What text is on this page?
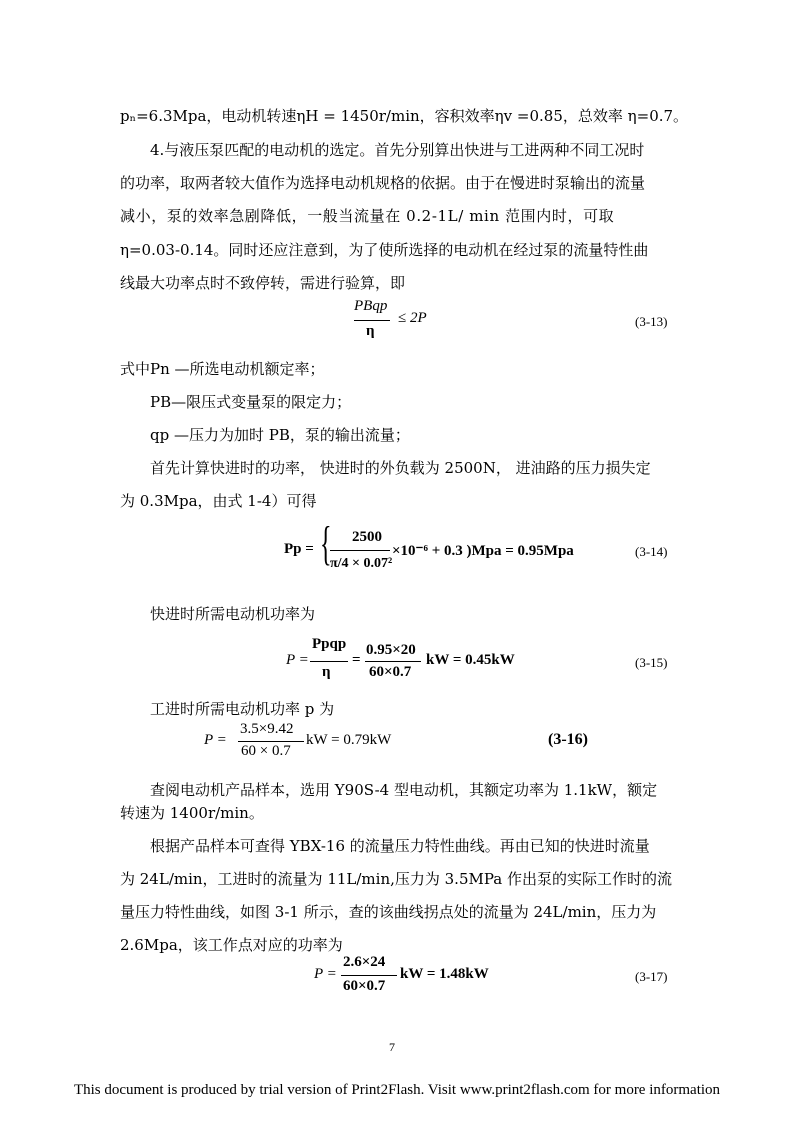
pₙ=6.3Mpa，电动机转速ηH = 1450r/min，容积效率ηv =0.85，总效率 η=0.7。
4.与液压泵匹配的电动机的选定。首先分别算出快进与工进两种不同工况时
的功率，取两者较大值作为选择电动机规格的依据。由于在慢进时泵输出的流量
减小，泵的效率急剧降低，一般当流量在 0.2-1L/ min 范围内时，可取
η=0.03-0.14。同时还应注意到，为了使所选择的电动机在经过泵的流量特性曲
线最大功率点时不致停转，需进行验算，即
PBqp
η
≤ 2P	(3-13)
式中Pn —所选电动机额定率；
PB—限压式变量泵的限定力；
qp —压力为加时 PB，泵的输出流量；
首先计算快进时的功率， 快进时的外负载为 2500N， 进油路的压力损失定
为 0.3Mpa，由式 1-4）可得
Pp = { 2500
π/4 × 0.07²
×10⁻⁶ + 0.3 )Mpa = 0.95Mpa	(3-14)
快进时所需电动机功率为
P =
Ppqp
η
=
0.95×20
60×0.7
kW = 0.45kW	(3-15)
工进时所需电动机功率 p 为
P =
3.5×9.42
60 × 0.7
kW = 0.79kW	(3-16)
查阅电动机产品样本，选用 Y90S-4 型电动机，其额定功率为 1.1kW，额定
转速为 1400r/min。
根据产品样本可查得 YBX-16 的流量压力特性曲线。再由已知的快进时流量
为 24L/min，工进时的流量为 11L/min,压力为 3.5MPa 作出泵的实际工作时的流
量压力特性曲线，如图 3-1 所示，查的该曲线拐点处的流量为 24L/min，压力为
2.6Mpa，该工作点对应的功率为
P =
2.6×24
60×0.7
kW = 1.48kW	(3-17)
7
This document is produced by trial version of Print2Flash. Visit www.print2flash.com for more information
